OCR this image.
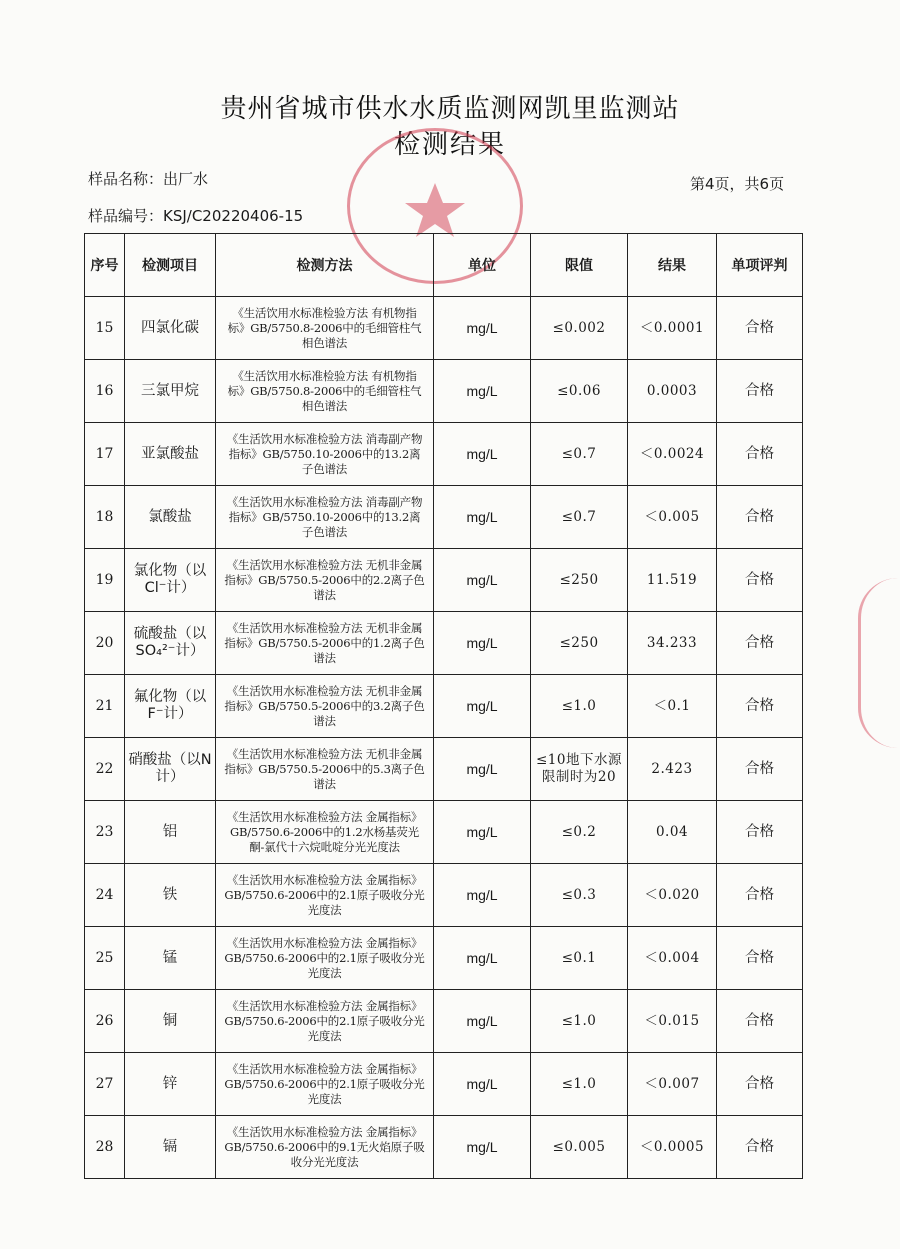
贵州省城市供水水质监测网凯里监测站
检测结果
样品名称：出厂水	第4页，共6页
样品编号：KSJ/C20220406-15
序号	检测项目	检测方法	单位	限值	结果	单项评判
15	四氯化碳	《生活饮用水标准检验方法 有机物指标》GB/5750.8-2006中的毛细管柱气相色谱法	mg/L	≤0.002	＜0.0001	合格
16	三氯甲烷	《生活饮用水标准检验方法 有机物指标》GB/5750.8-2006中的毛细管柱气相色谱法	mg/L	≤0.06	0.0003	合格
17	亚氯酸盐	《生活饮用水标准检验方法 消毒副产物指标》GB/5750.10-2006中的13.2离子色谱法	mg/L	≤0.7	＜0.0024	合格
18	氯酸盐	《生活饮用水标准检验方法 消毒副产物指标》GB/5750.10-2006中的13.2离子色谱法	mg/L	≤0.7	＜0.005	合格
19	氯化物（以Cl⁻计）	《生活饮用水标准检验方法 无机非金属指标》GB/5750.5-2006中的2.2离子色谱法	mg/L	≤250	11.519	合格
20	硫酸盐（以SO₄²⁻计）	《生活饮用水标准检验方法 无机非金属指标》GB/5750.5-2006中的1.2离子色谱法	mg/L	≤250	34.233	合格
21	氟化物（以F⁻计）	《生活饮用水标准检验方法 无机非金属指标》GB/5750.5-2006中的3.2离子色谱法	mg/L	≤1.0	＜0.1	合格
22	硝酸盐（以N计）	《生活饮用水标准检验方法 无机非金属指标》GB/5750.5-2006中的5.3离子色谱法	mg/L	≤10地下水源限制时为20	2.423	合格
23	铝	《生活饮用水标准检验方法 金属指标》GB/5750.6-2006中的1.2水杨基荧光酮-氯代十六烷吡啶分光光度法	mg/L	≤0.2	0.04	合格
24	铁	《生活饮用水标准检验方法 金属指标》GB/5750.6-2006中的2.1原子吸收分光光度法	mg/L	≤0.3	＜0.020	合格
25	锰	《生活饮用水标准检验方法 金属指标》GB/5750.6-2006中的2.1原子吸收分光光度法	mg/L	≤0.1	＜0.004	合格
26	铜	《生活饮用水标准检验方法 金属指标》GB/5750.6-2006中的2.1原子吸收分光光度法	mg/L	≤1.0	＜0.015	合格
27	锌	《生活饮用水标准检验方法 金属指标》GB/5750.6-2006中的2.1原子吸收分光光度法	mg/L	≤1.0	＜0.007	合格
28	镉	《生活饮用水标准检验方法 金属指标》GB/5750.6-2006中的9.1无火焰原子吸收分光光度法	mg/L	≤0.005	＜0.0005	合格
